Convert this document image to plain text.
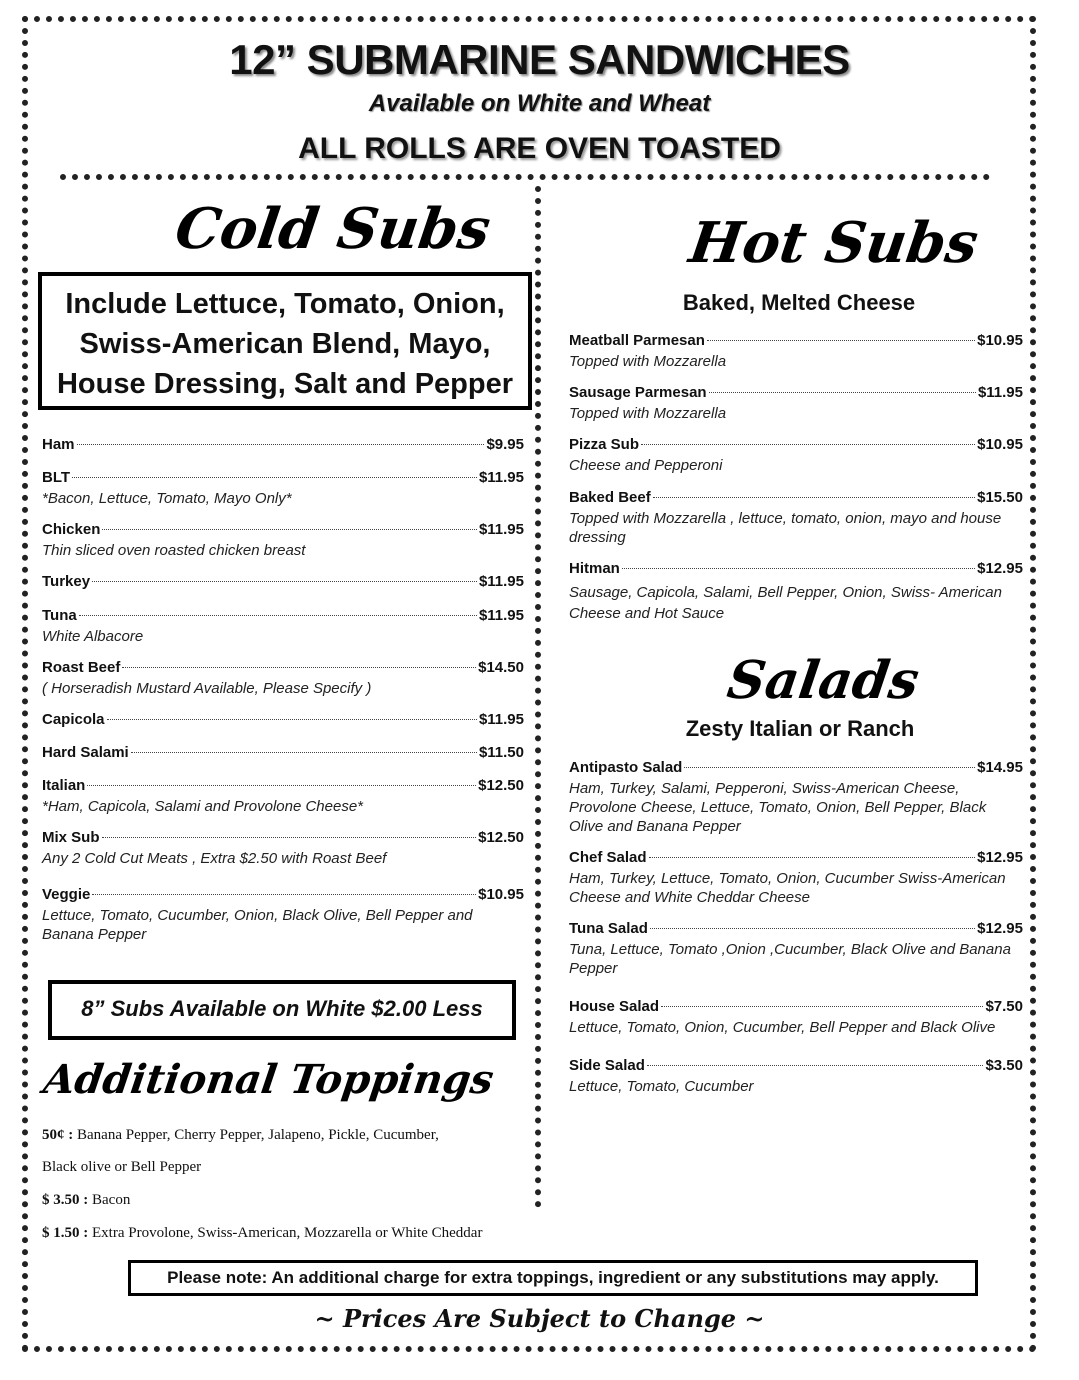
12” SUBMARINE SANDWICHES
Available on White and Wheat
ALL ROLLS ARE OVEN TOASTED
Cold Subs
Include Lettuce, Tomato, Onion,
Swiss-American Blend, Mayo,
House Dressing, Salt and Pepper
Ham	$9.95
BLT	$11.95
*Bacon, Lettuce, Tomato, Mayo Only*
Chicken	$11.95
Thin sliced oven roasted chicken breast
Turkey	$11.95
Tuna	$11.95
White Albacore
Roast Beef	$14.50
( Horseradish Mustard Available, Please Specify )
Capicola	$11.95
Hard Salami	$11.50
Italian	$12.50
*Ham, Capicola, Salami and Provolone Cheese*
Mix Sub	$12.50
Any 2 Cold Cut Meats , Extra $2.50 with Roast Beef
Veggie	$10.95
Lettuce, Tomato, Cucumber, Onion, Black Olive, Bell Pepper and Banana Pepper
8” Subs Available on White $2.00 Less
Additional Toppings
50¢ : Banana Pepper, Cherry Pepper, Jalapeno, Pickle, Cucumber,
Black olive or Bell Pepper
$ 3.50 : Bacon
$ 1.50 : Extra Provolone, Swiss-American, Mozzarella or White Cheddar
Hot Subs
Baked, Melted Cheese
Meatball Parmesan	$10.95
Topped with Mozzarella
Sausage Parmesan	$11.95
Topped with Mozzarella
Pizza Sub	$10.95
Cheese and Pepperoni
Baked Beef	$15.50
Topped with Mozzarella , lettuce, tomato, onion, mayo and house dressing
Hitman	$12.95
Sausage, Capicola, Salami, Bell Pepper, Onion, Swiss- American Cheese and Hot Sauce
Salads
Zesty Italian or Ranch
Antipasto Salad	$14.95
Ham, Turkey, Salami, Pepperoni, Swiss-American Cheese, Provolone Cheese, Lettuce, Tomato, Onion, Bell Pepper, Black Olive and Banana Pepper
Chef Salad	$12.95
Ham, Turkey, Lettuce, Tomato, Onion, Cucumber Swiss-American Cheese and White Cheddar Cheese
Tuna Salad	$12.95
Tuna, Lettuce, Tomato ,Onion ,Cucumber, Black Olive and Banana Pepper
House Salad	$7.50
Lettuce, Tomato, Onion, Cucumber, Bell Pepper and Black Olive
Side Salad	$3.50
Lettuce, Tomato, Cucumber
Please note: An additional charge for extra toppings, ingredient or any substitutions may apply.
~ Prices Are Subject to Change ~
